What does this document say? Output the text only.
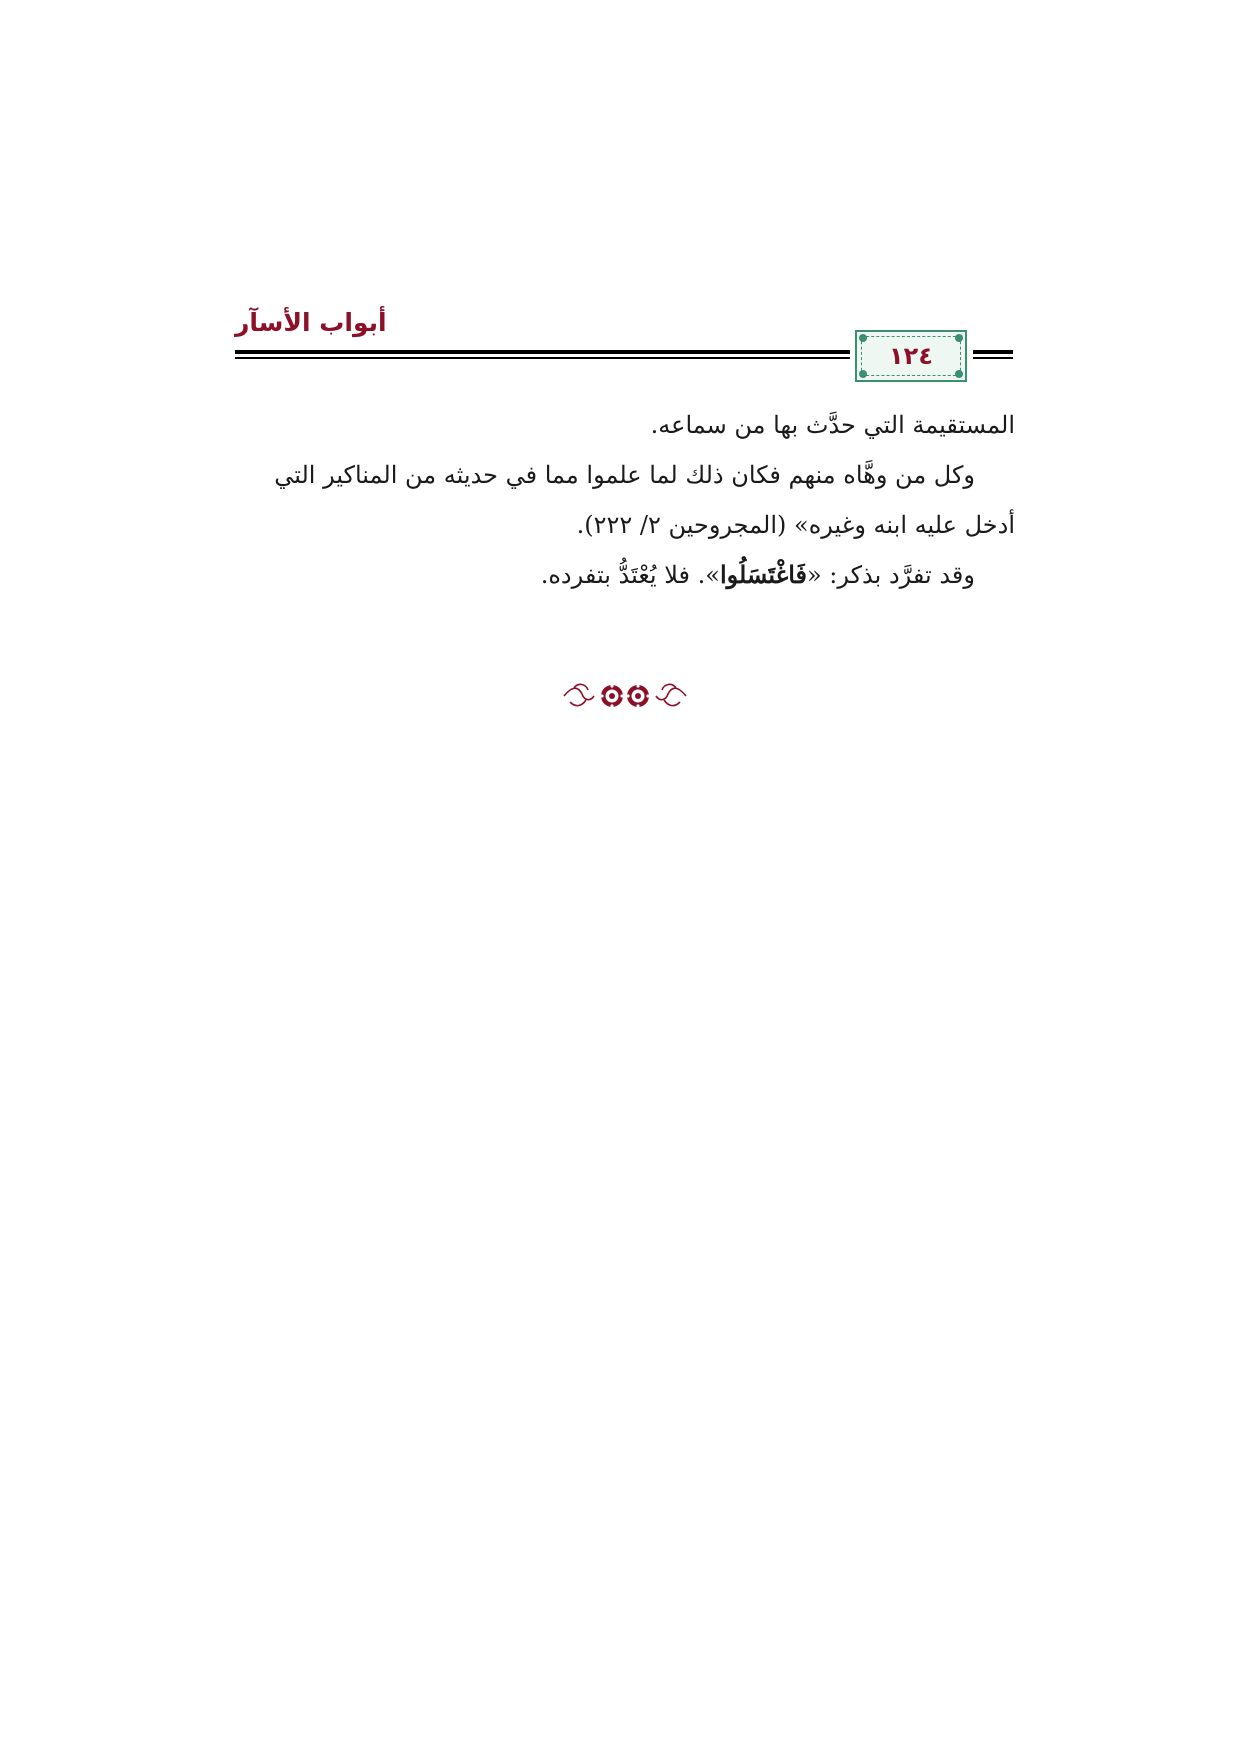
أبواب الأسآر
١٢٤
المستقيمة التي حدَّث بها من سماعه.
وكل من وهَّاه منهم فكان ذلك لما علموا مما في حديثه من المناكير التي
أدخل عليه ابنه وغيره» (المجروحين ٢/ ٢٢٢).
وقد تفرَّد بذكر: «فَاغْتَسَلُوا». فلا يُعْتَدُّ بتفرده.
